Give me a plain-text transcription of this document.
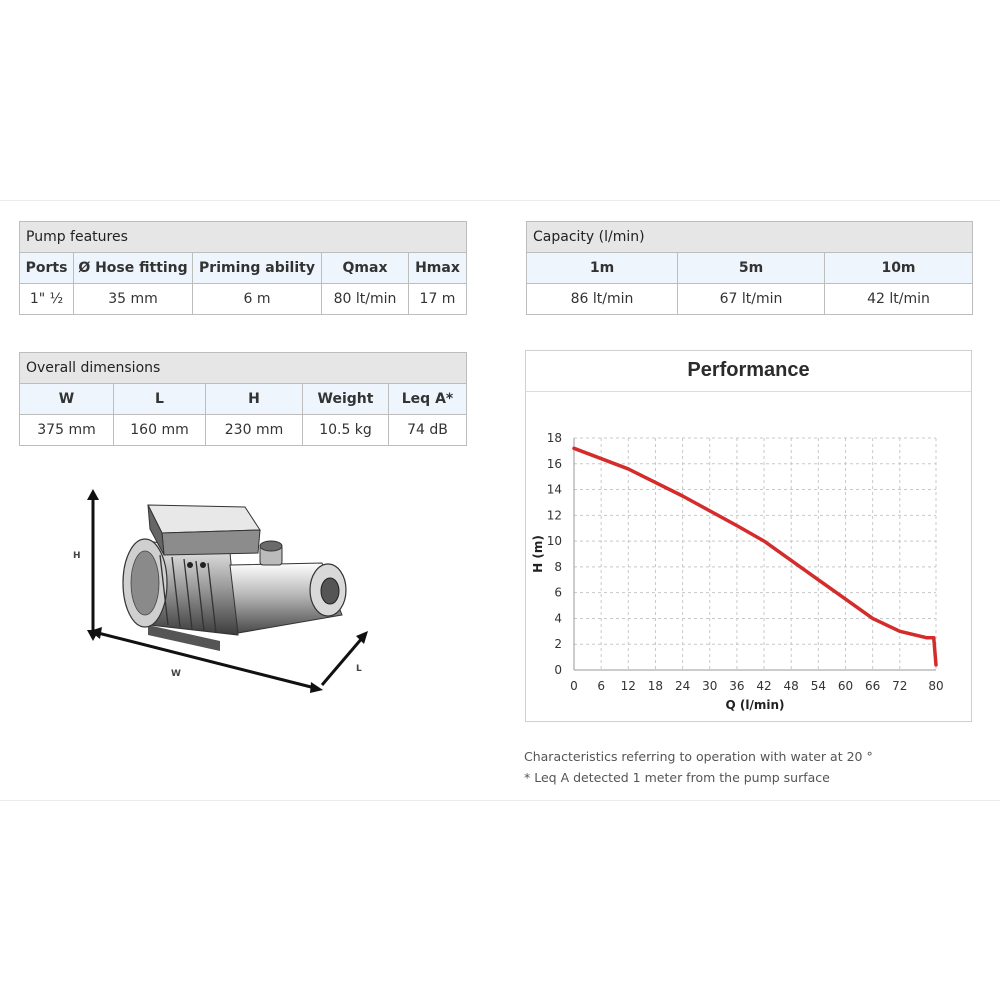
Pump features				
Ports	Ø Hose fitting	Priming ability	Qmax	Hmax
1" ½	35 mm	6 m	80 lt/min	17 m
Capacity (l/min)		
1m	5m	10m
86 lt/min	67 lt/min	42 lt/min
Overall dimensions				
W	L	H	Weight	Leq A*
375 mm	160 mm	230 mm	10.5 kg	74 dB
H
W	L
Performance
0 6 12 18 24 30 36 42 48 54 60 66 72 80
0
2
4
6
8
10
12
14
16
18
Q (l/min)
H (m)
Characteristics referring to operation with water at 20 °
* Leq A detected 1 meter from the pump surface
